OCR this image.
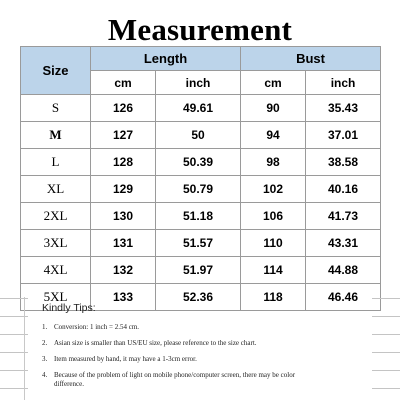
Measurement
Size	Length		Bust	
	cm	inch	cm	inch
S	126	49.61	90	35.43
M	127	50	94	37.01
L	128	50.39	98	38.58
XL	129	50.79	102	40.16
2XL	130	51.18	106	41.73
3XL	131	51.57	110	43.31
4XL	132	51.97	114	44.88
5XL	133	52.36	118	46.46
Kindly Tips:
1. Conversion: 1 inch = 2.54 cm.
2. Asian size is smaller than US/EU size, please reference to the size chart.
3. Item measured by hand, it may have a 1-3cm error.
4. Because of the problem of light on mobile phone/computer screen, there may be color difference.
